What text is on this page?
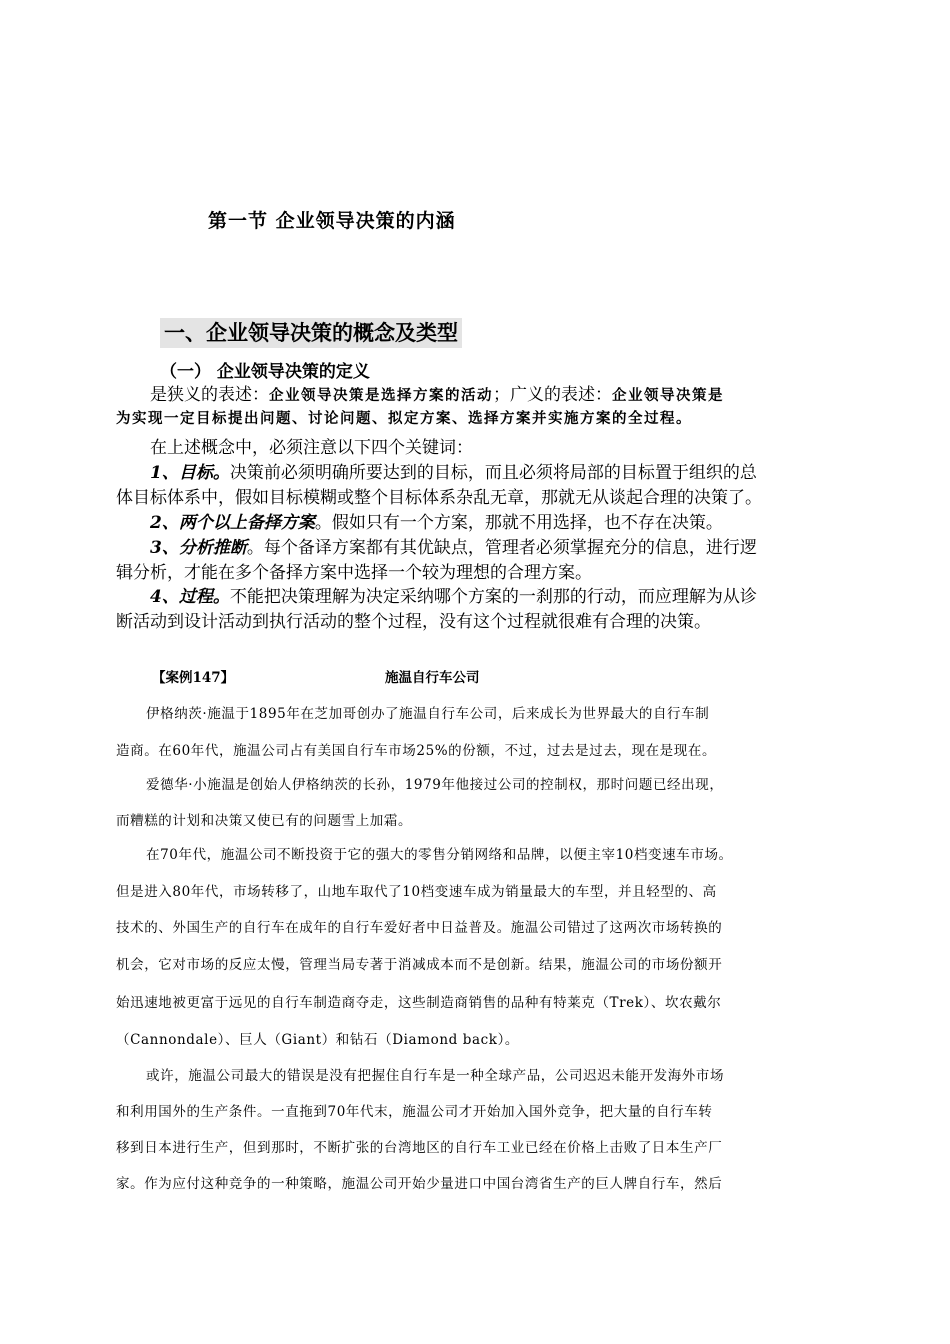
第一节 企业领导决策的内涵
一、企业领导决策的概念及类型
（一） 企业领导决策的定义
是狭义的表述：企业领导决策是选择方案的活动；广义的表述：企业领导决策是
为实现一定目标提出问题、讨论问题、拟定方案、选择方案并实施方案的全过程。
在上述概念中，必须注意以下四个关键词：
1、目标。决策前必须明确所要达到的目标，而且必须将局部的目标置于组织的总
体目标体系中，假如目标模糊或整个目标体系杂乱无章，那就无从谈起合理的决策了。
2、两个以上备择方案。假如只有一个方案，那就不用选择，也不存在决策。
3、分析推断。每个备译方案都有其优缺点，管理者必须掌握充分的信息，进行逻
辑分析，才能在多个备择方案中选择一个较为理想的合理方案。
4、过程。不能把决策理解为决定采纳哪个方案的一刹那的行动，而应理解为从诊
断活动到设计活动到执行活动的整个过程，没有这个过程就很难有合理的决策。
【案例147】	施温自行车公司
伊格纳茨·施温于1895年在芝加哥创办了施温自行车公司，后来成长为世界最大的自行车制
造商。在60年代，施温公司占有美国自行车市场25%的份额，不过，过去是过去，现在是现在。
爱德华·小施温是创始人伊格纳茨的长孙，1979年他接过公司的控制权，那时问题已经出现，
而糟糕的计划和决策又使已有的问题雪上加霜。
在70年代，施温公司不断投资于它的强大的零售分销网络和品牌，以便主宰10档变速车市场。
但是进入80年代，市场转移了，山地车取代了10档变速车成为销量最大的车型，并且轻型的、高
技术的、外国生产的自行车在成年的自行车爱好者中日益普及。施温公司错过了这两次市场转换的
机会，它对市场的反应太慢，管理当局专著于消减成本而不是创新。结果，施温公司的市场份额开
始迅速地被更富于远见的自行车制造商夺走，这些制造商销售的品种有特莱克（Trek）、坎农戴尔
（Cannondale）、巨人（Giant）和钻石（Diamond back）。
或许，施温公司最大的错误是没有把握住自行车是一种全球产品，公司迟迟未能开发海外市场
和利用国外的生产条件。一直拖到70年代末，施温公司才开始加入国外竞争，把大量的自行车转
移到日本进行生产，但到那时，不断扩张的台湾地区的自行车工业已经在价格上击败了日本生产厂
家。作为应付这种竞争的一种策略，施温公司开始少量进口中国台湾省生产的巨人牌自行车，然后
